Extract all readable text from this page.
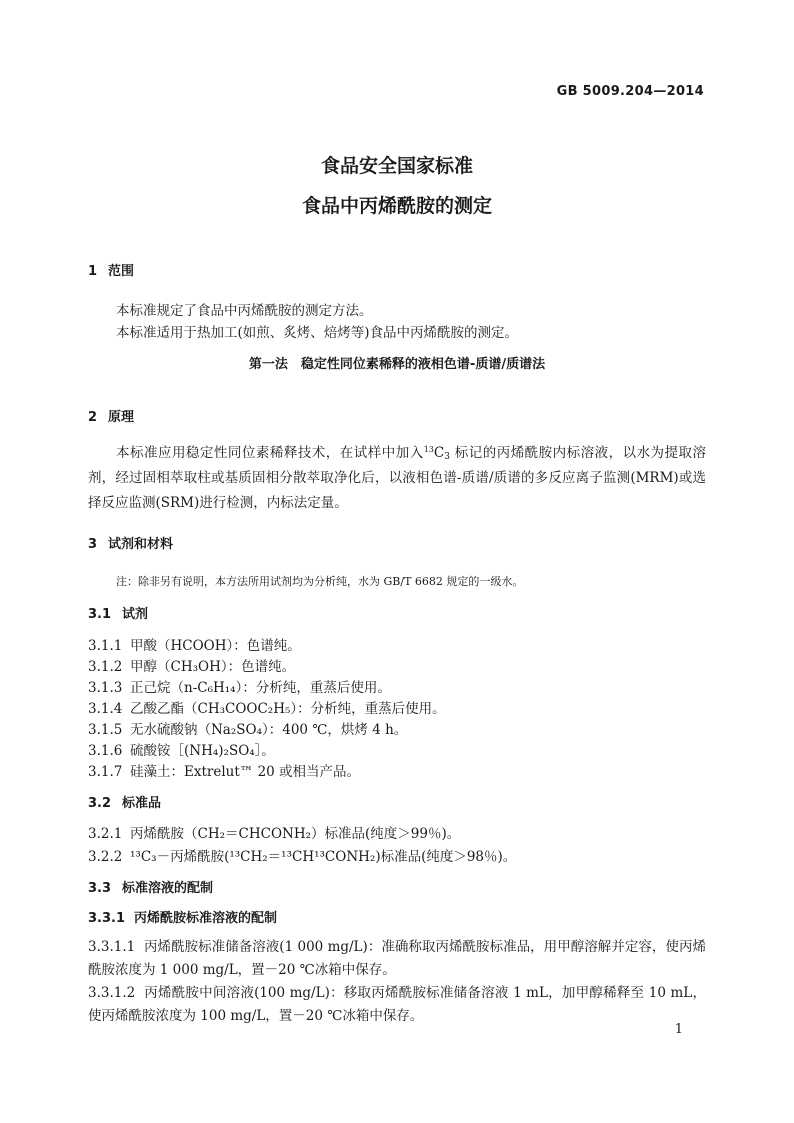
GB 5009.204—2014
食品安全国家标准
食品中丙烯酰胺的测定
1 范围
本标准规定了食品中丙烯酰胺的测定方法。
本标准适用于热加工(如煎、炙烤、焙烤等)食品中丙烯酰胺的测定。
第一法　稳定性同位素稀释的液相色谱-质谱/质谱法
2 原理
本标准应用稳定性同位素稀释技术，在试样中加入$^{13}C_3$ 标记的丙烯酰胺内标溶液，以水为提取溶剂，经过固相萃取柱或基质固相分散萃取净化后，以液相色谱-质谱/质谱的多反应离子监测(MRM)或选择反应监测(SRM)进行检测，内标法定量。
3 试剂和材料
注：除非另有说明，本方法所用试剂均为分析纯，水为 GB/T 6682 规定的一级水。
3.1 试剂
3.1.1 甲酸（HCOOH）：色谱纯。
3.1.2 甲醇（CH₃OH）：色谱纯。
3.1.3 正己烷（n-C₆H₁₄）：分析纯，重蒸后使用。
3.1.4 乙酸乙酯（CH₃COOC₂H₅）：分析纯，重蒸后使用。
3.1.5 无水硫酸钠（Na₂SO₄）：400 ℃，烘烤 4 h。
3.1.6 硫酸铵［(NH₄)₂SO₄］。
3.1.7 硅藻土：Extrelut™ 20 或相当产品。
3.2 标准品
3.2.1 丙烯酰胺（CH₂＝CHCONH₂）标准品(纯度＞99％)。
3.2.2 ¹³C₃－丙烯酰胺(¹³CH₂＝¹³CH¹³CONH₂)标准品(纯度＞98％)。
3.3 标准溶液的配制
3.3.1 丙烯酰胺标准溶液的配制
3.3.1.1 丙烯酰胺标准储备溶液(1 000 mg/L)：准确称取丙烯酰胺标准品，用甲醇溶解并定容，使丙烯酰胺浓度为 1 000 mg/L，置－20 ℃冰箱中保存。
3.3.1.2 丙烯酰胺中间溶液(100 mg/L)：移取丙烯酰胺标准储备溶液 1 mL，加甲醇稀释至 10 mL，使丙烯酰胺浓度为 100 mg/L，置－20 ℃冰箱中保存。
1
